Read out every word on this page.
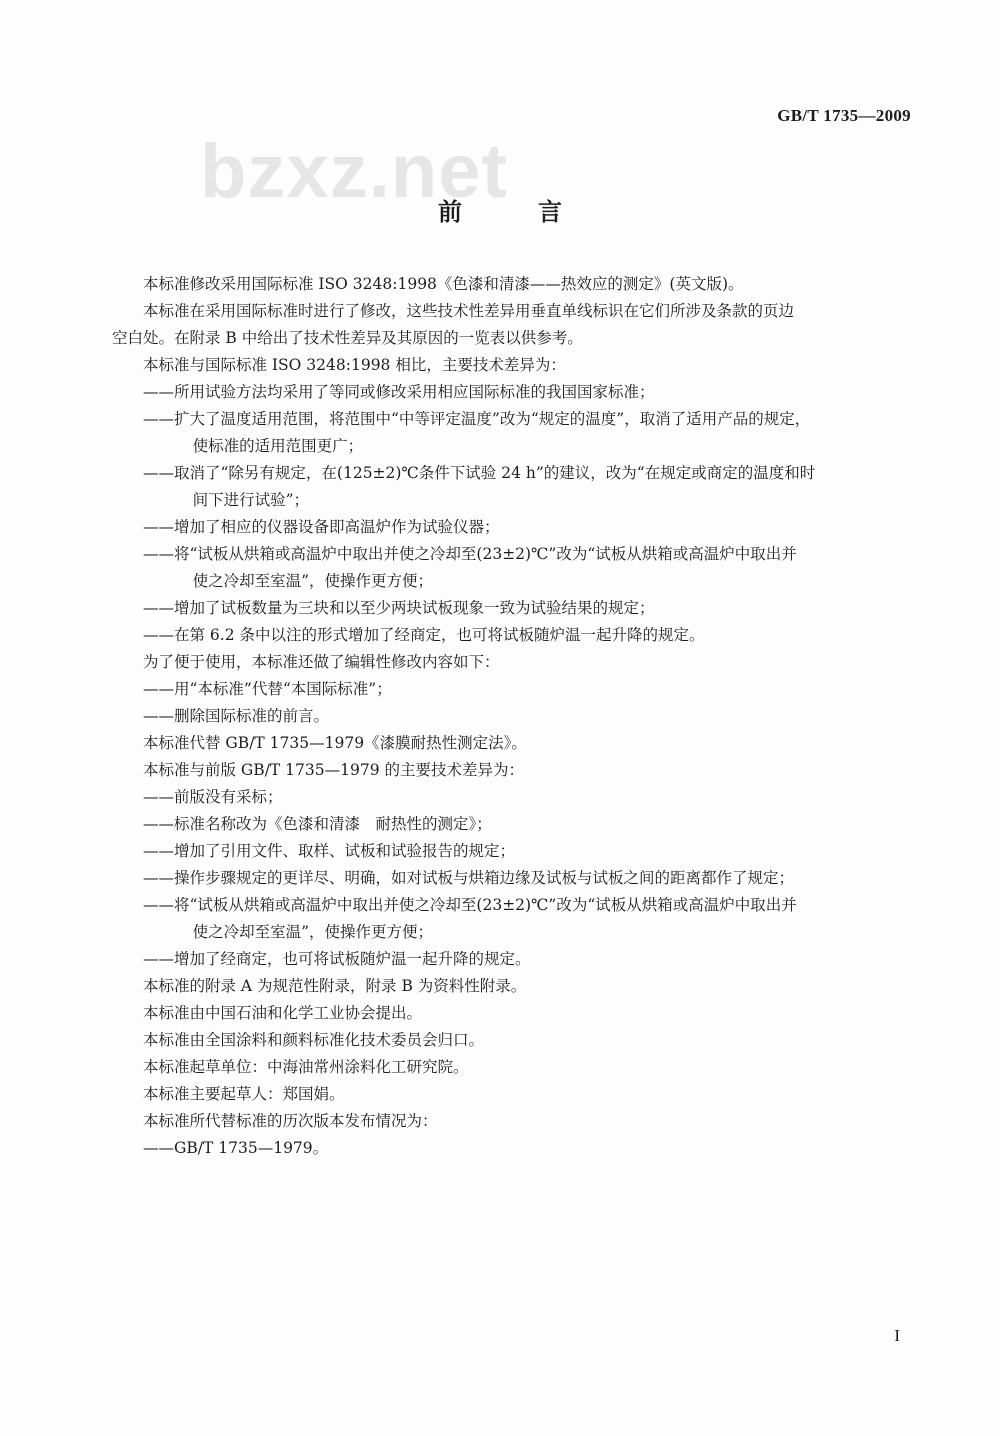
bzxz.net
GB/T 1735—2009
前　言

本标准修改采用国际标准 ISO 3248:1998《色漆和清漆——热效应的测定》(英文版)。

本标准在采用国际标准时进行了修改，这些技术性差异用垂直单线标识在它们所涉及条款的页边

空白处。在附录 B 中给出了技术性差异及其原因的一览表以供参考。

本标准与国际标准 ISO 3248:1998 相比，主要技术差异为：

——所用试验方法均采用了等同或修改采用相应国际标准的我国国家标准；

——扩大了温度适用范围，将范围中“中等评定温度”改为“规定的温度”，取消了适用产品的规定，

使标准的适用范围更广；

——取消了“除另有规定，在(125±2)℃条件下试验 24 h”的建议，改为“在规定或商定的温度和时

间下进行试验”；

——增加了相应的仪器设备即高温炉作为试验仪器；

——将“试板从烘箱或高温炉中取出并使之冷却至(23±2)℃”改为“试板从烘箱或高温炉中取出并

使之冷却至室温”，使操作更方便；

——增加了试板数量为三块和以至少两块试板现象一致为试验结果的规定；

——在第 6.2 条中以注的形式增加了经商定，也可将试板随炉温一起升降的规定。

为了便于使用，本标准还做了编辑性修改内容如下：

——用“本标准”代替“本国际标准”；

——删除国际标准的前言。

本标准代替 GB/T 1735—1979《漆膜耐热性测定法》。

本标准与前版 GB/T 1735—1979 的主要技术差异为：

——前版没有采标；

——标准名称改为《色漆和清漆　耐热性的测定》；

——增加了引用文件、取样、试板和试验报告的规定；

——操作步骤规定的更详尽、明确，如对试板与烘箱边缘及试板与试板之间的距离都作了规定；

——将“试板从烘箱或高温炉中取出并使之冷却至(23±2)℃”改为“试板从烘箱或高温炉中取出并

使之冷却至室温”，使操作更方便；

——增加了经商定，也可将试板随炉温一起升降的规定。

本标准的附录 A 为规范性附录，附录 B 为资料性附录。

本标准由中国石油和化学工业协会提出。

本标准由全国涂料和颜料标准化技术委员会归口。

本标准起草单位：中海油常州涂料化工研究院。

本标准主要起草人：郑国娟。

本标准所代替标准的历次版本发布情况为：

——GB/T 1735—1979。

I
